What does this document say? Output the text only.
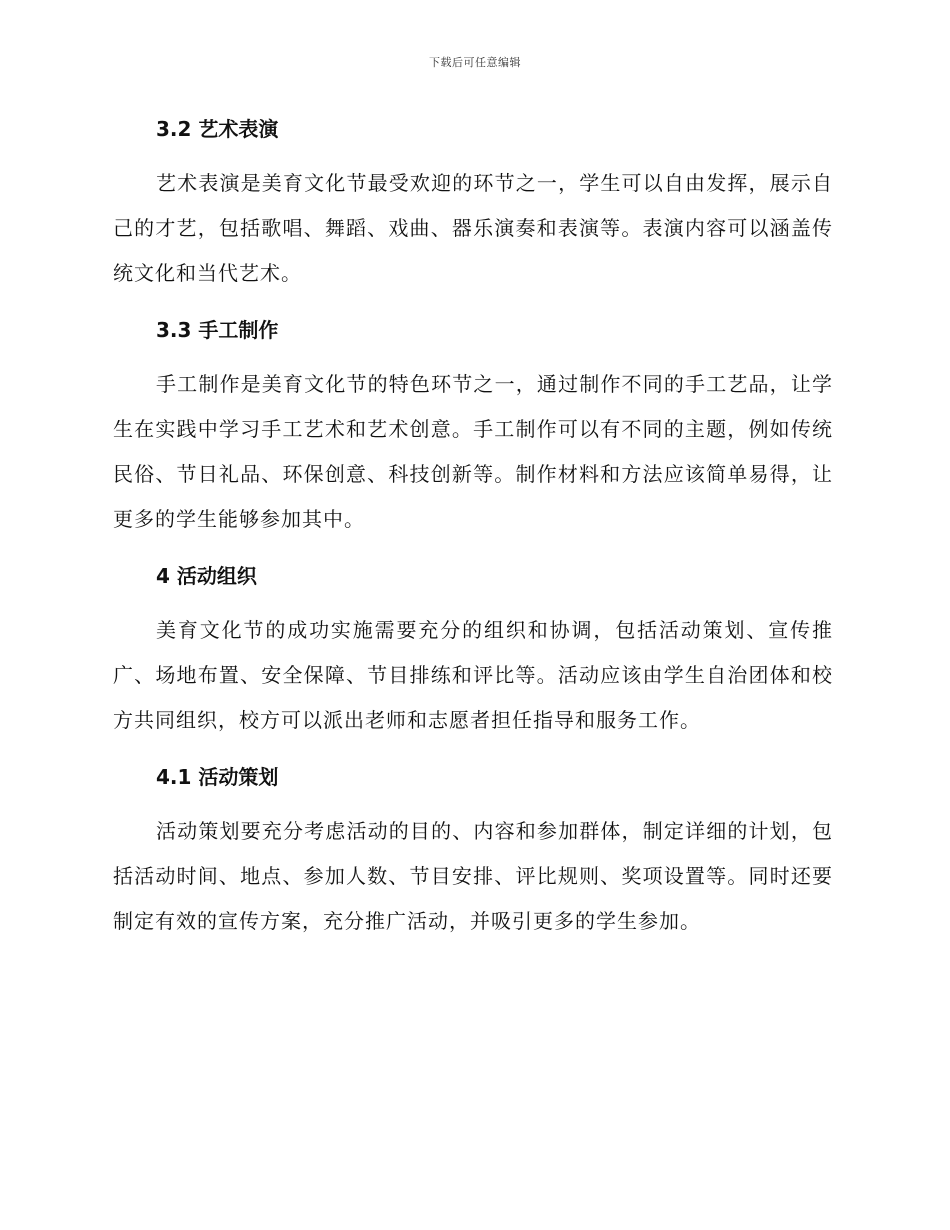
下载后可任意编辑
3.2 艺术表演

艺术表演是美育文化节最受欢迎的环节之一，学生可以自由发挥，展示自己的才艺，包括歌唱、舞蹈、戏曲、器乐演奏和表演等。表演内容可以涵盖传统文化和当代艺术。

3.3 手工制作

手工制作是美育文化节的特色环节之一，通过制作不同的手工艺品，让学生在实践中学习手工艺术和艺术创意。手工制作可以有不同的主题，例如传统民俗、节日礼品、环保创意、科技创新等。制作材料和方法应该简单易得，让更多的学生能够参加其中。

4 活动组织

美育文化节的成功实施需要充分的组织和协调，包括活动策划、宣传推广、场地布置、安全保障、节目排练和评比等。活动应该由学生自治团体和校方共同组织，校方可以派出老师和志愿者担任指导和服务工作。

4.1 活动策划

活动策划要充分考虑活动的目的、内容和参加群体，制定详细的计划，包括活动时间、地点、参加人数、节目安排、评比规则、奖项设置等。同时还要制定有效的宣传方案，充分推广活动，并吸引更多的学生参加。
